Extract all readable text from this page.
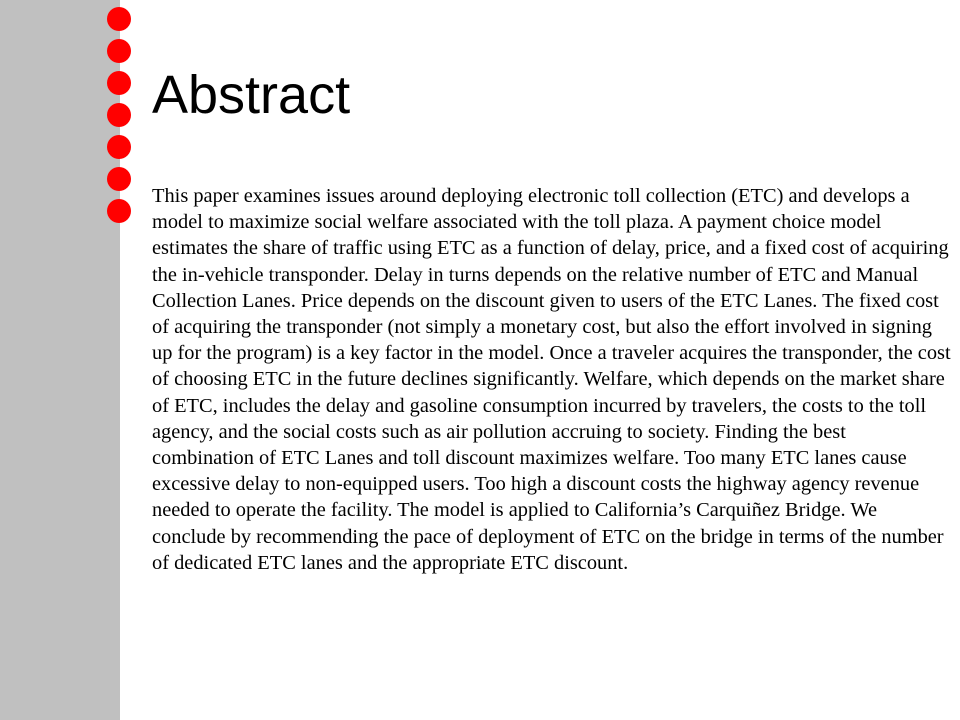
Abstract

This paper examines issues around deploying electronic toll collection (ETC) and develops a model to maximize social welfare associated with the toll plaza. A payment choice model estimates the share of traffic using ETC as a function of delay, price, and a fixed cost of acquiring the in-vehicle transponder. Delay in turns depends on the relative number of ETC and Manual Collection Lanes. Price depends on the discount given to users of the ETC Lanes. The fixed cost of acquiring the transponder (not simply a monetary cost, but also the effort involved in signing up for the program) is a key factor in the model. Once a traveler acquires the transponder, the cost of choosing ETC in the future declines significantly. Welfare, which depends on the market share of ETC, includes the delay and gasoline consumption incurred by travelers, the costs to the toll agency, and the social costs such as air pollution accruing to society. Finding the best combination of ETC Lanes and toll discount maximizes welfare. Too many ETC lanes cause excessive delay to non-equipped users. Too high a discount costs the highway agency revenue needed to operate the facility. The model is applied to California’s Carquiñez Bridge. We conclude by recommending the pace of deployment of ETC on the bridge in terms of the number of dedicated ETC lanes and the appropriate ETC discount.
